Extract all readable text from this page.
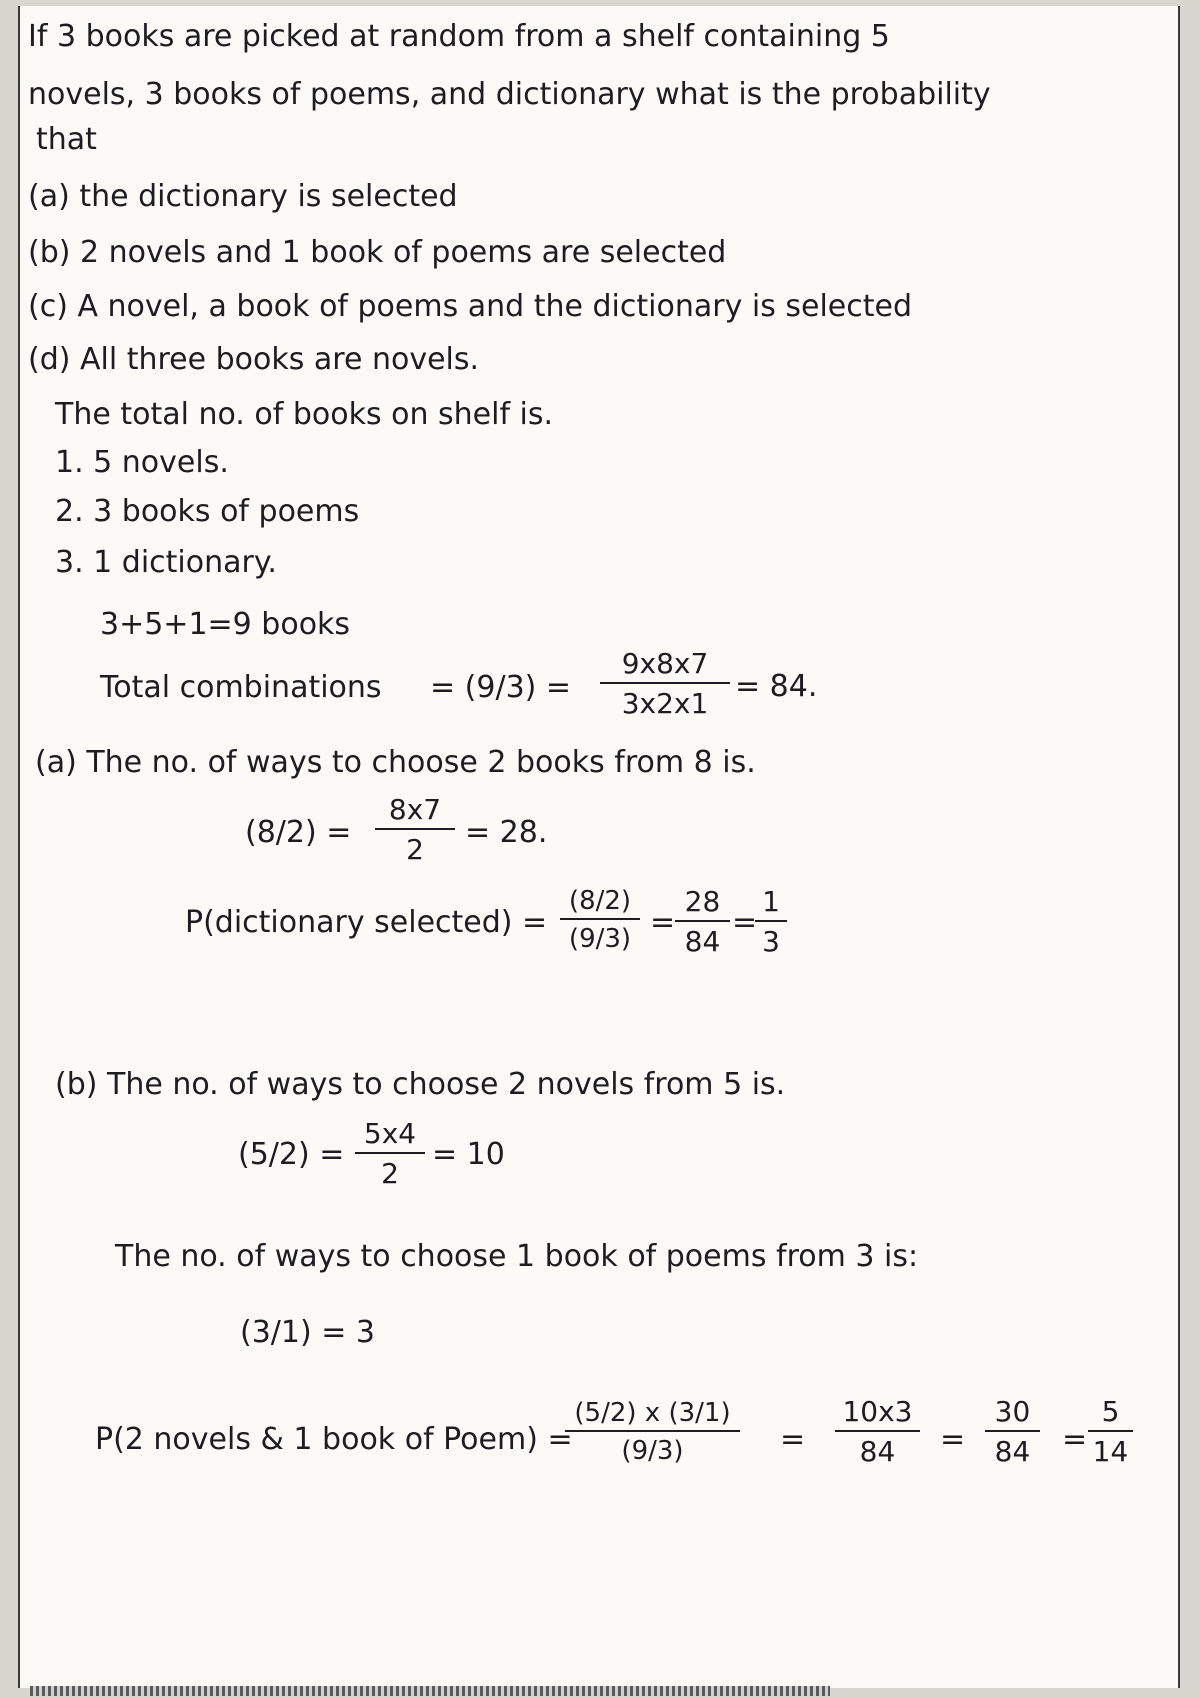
If 3 books are picked at random from a shelf containing 5
novels, 3 books of poems, and dictionary what is the probability
that
(a) the dictionary is selected
(b) 2 novels and 1 book of poems are selected
(c) A novel, a book of poems and the dictionary is selected
(d) All three books are novels.
The total no. of books on shelf is.
1. 5 novels.
2. 3 books of poems
3. 1 dictionary.
3+5+1=9 books
Total combinations = (9/3) =
9x8x7
3x2x1 = 84.
(a) The no. of ways to choose 2 books from 8 is.
(8/2) =
8x7
2	= 28.
P(dictionary selected) =
(8/2)
(9/3) =
28
84
=
1
3
(b) The no. of ways to choose 2 novels from 5 is.
(5/2) =
5x4
2
= 10
The no. of ways to choose 1 book of poems from 3 is:
(3/1) = 3
P(2 novels & 1 book of Poem) =
(5/2) x (3/1)
(9/3)	=
10x3
84	=
30
84	=
5
14
